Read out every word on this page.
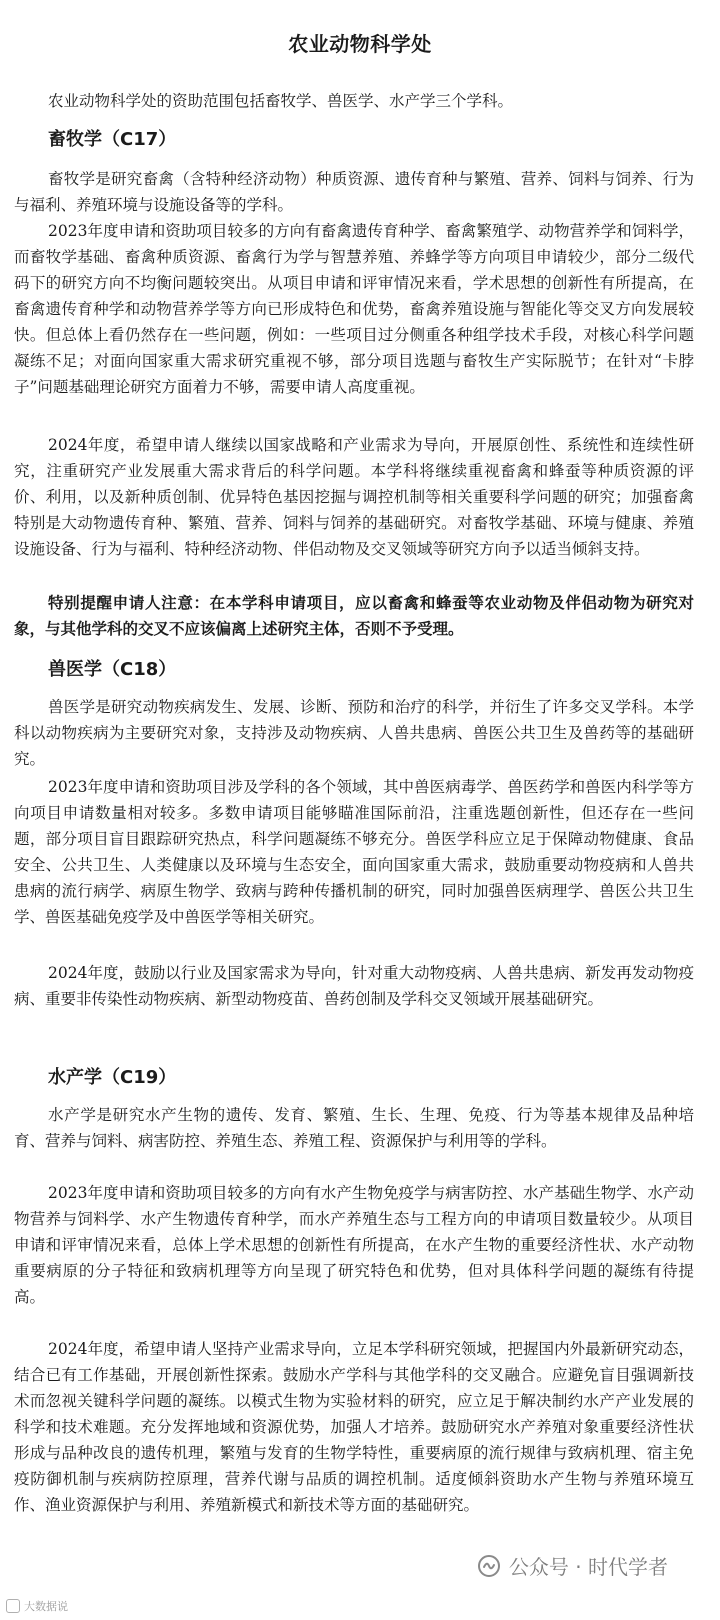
农业动物科学处
农业动物科学处的资助范围包括畜牧学、兽医学、水产学三个学科。
畜牧学（C17）

畜牧学是研究畜禽（含特种经济动物）种质资源、遗传育种与繁殖、营养、饲料与饲养、行为与福利、养殖环境与设施设备等的学科。

2023年度申请和资助项目较多的方向有畜禽遗传育种学、畜禽繁殖学、动物营养学和饲料学，而畜牧学基础、畜禽种质资源、畜禽行为学与智慧养殖、养蜂学等方向项目申请较少，部分二级代码下的研究方向不均衡问题较突出。从项目申请和评审情况来看，学术思想的创新性有所提高，在畜禽遗传育种学和动物营养学等方向已形成特色和优势，畜禽养殖设施与智能化等交叉方向发展较快。但总体上看仍然存在一些问题，例如：一些项目过分侧重各种组学技术手段，对核心科学问题凝练不足；对面向国家重大需求研究重视不够，部分项目选题与畜牧生产实际脱节；在针对“卡脖子”问题基础理论研究方面着力不够，需要申请人高度重视。

2024年度，希望申请人继续以国家战略和产业需求为导向，开展原创性、系统性和连续性研究，注重研究产业发展重大需求背后的科学问题。本学科将继续重视畜禽和蜂蚕等种质资源的评价、利用，以及新种质创制、优异特色基因挖掘与调控机制等相关重要科学问题的研究；加强畜禽特别是大动物遗传育种、繁殖、营养、饲料与饲养的基础研究。对畜牧学基础、环境与健康、养殖设施设备、行为与福利、特种经济动物、伴侣动物及交叉领域等研究方向予以适当倾斜支持。

特别提醒申请人注意：在本学科申请项目，应以畜禽和蜂蚕等农业动物及伴侣动物为研究对象，与其他学科的交叉不应该偏离上述研究主体，否则不予受理。

兽医学（C18）

兽医学是研究动物疾病发生、发展、诊断、预防和治疗的科学，并衍生了许多交叉学科。本学科以动物疾病为主要研究对象，支持涉及动物疾病、人兽共患病、兽医公共卫生及兽药等的基础研究。

2023年度申请和资助项目涉及学科的各个领域，其中兽医病毒学、兽医药学和兽医内科学等方向项目申请数量相对较多。多数申请项目能够瞄准国际前沿，注重选题创新性，但还存在一些问题，部分项目盲目跟踪研究热点，科学问题凝练不够充分。兽医学科应立足于保障动物健康、食品安全、公共卫生、人类健康以及环境与生态安全，面向国家重大需求，鼓励重要动物疫病和人兽共患病的流行病学、病原生物学、致病与跨种传播机制的研究，同时加强兽医病理学、兽医公共卫生学、兽医基础免疫学及中兽医学等相关研究。

2024年度，鼓励以行业及国家需求为导向，针对重大动物疫病、人兽共患病、新发再发动物疫病、重要非传染性动物疾病、新型动物疫苗、兽药创制及学科交叉领域开展基础研究。

水产学（C19）

水产学是研究水产生物的遗传、发育、繁殖、生长、生理、免疫、行为等基本规律及品种培育、营养与饲料、病害防控、养殖生态、养殖工程、资源保护与利用等的学科。

2023年度申请和资助项目较多的方向有水产生物免疫学与病害防控、水产基础生物学、水产动物营养与饲料学、水产生物遗传育种学，而水产养殖生态与工程方向的申请项目数量较少。从项目申请和评审情况来看，总体上学术思想的创新性有所提高，在水产生物的重要经济性状、水产动物重要病原的分子特征和致病机理等方向呈现了研究特色和优势，但对具体科学问题的凝练有待提高。

2024年度，希望申请人坚持产业需求导向，立足本学科研究领域，把握国内外最新研究动态，结合已有工作基础，开展创新性探索。鼓励水产学科与其他学科的交叉融合。应避免盲目强调新技术而忽视关键科学问题的凝练。以模式生物为实验材料的研究，应立足于解决制约水产产业发展的科学和技术难题。充分发挥地域和资源优势，加强人才培养。鼓励研究水产养殖对象重要经济性状形成与品种改良的遗传机理，繁殖与发育的生物学特性，重要病原的流行规律与致病机理、宿主免疫防御机制与疾病防控原理，营养代谢与品质的调控机制。适度倾斜资助水产生物与养殖环境互作、渔业资源保护与利用、养殖新模式和新技术等方面的基础研究。

公众号 · 时代学者
大数据说
